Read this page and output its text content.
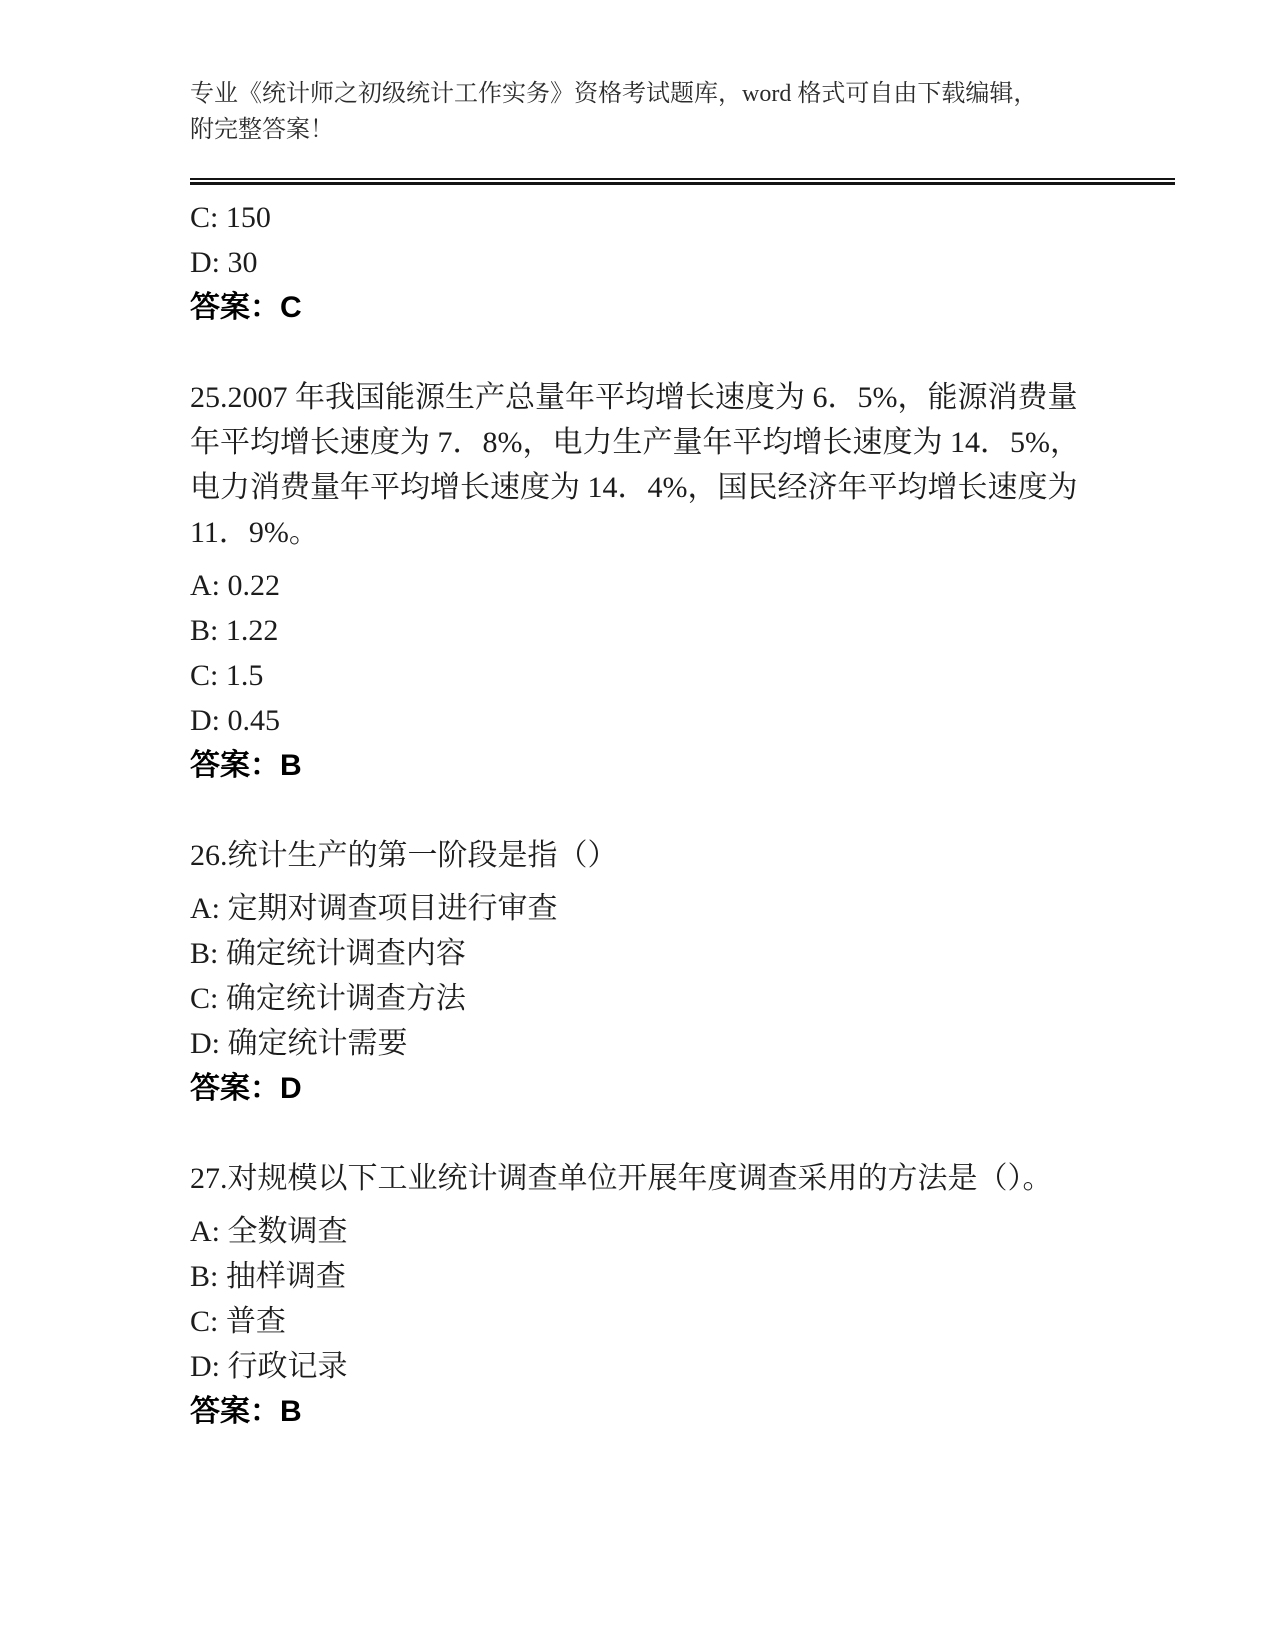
专业《统计师之初级统计工作实务》资格考试题库，word 格式可自由下载编辑，
附完整答案！
C: 150
D: 30
答案：C
25.2007 年我国能源生产总量年平均增长速度为 6．5%，能源消费量
年平均增长速度为 7．8%，电力生产量年平均增长速度为 14．5%，
电力消费量年平均增长速度为 14．4%，国民经济年平均增长速度为
11．9%。
A: 0.22
B: 1.22
C: 1.5
D: 0.45
答案：B
26.统计生产的第一阶段是指（）
A: 定期对调查项目进行审查
B: 确定统计调查内容
C: 确定统计调查方法
D: 确定统计需要
答案：D
27.对规模以下工业统计调查单位开展年度调查采用的方法是（）。
A: 全数调查
B: 抽样调查
C: 普查
D: 行政记录
答案：B
